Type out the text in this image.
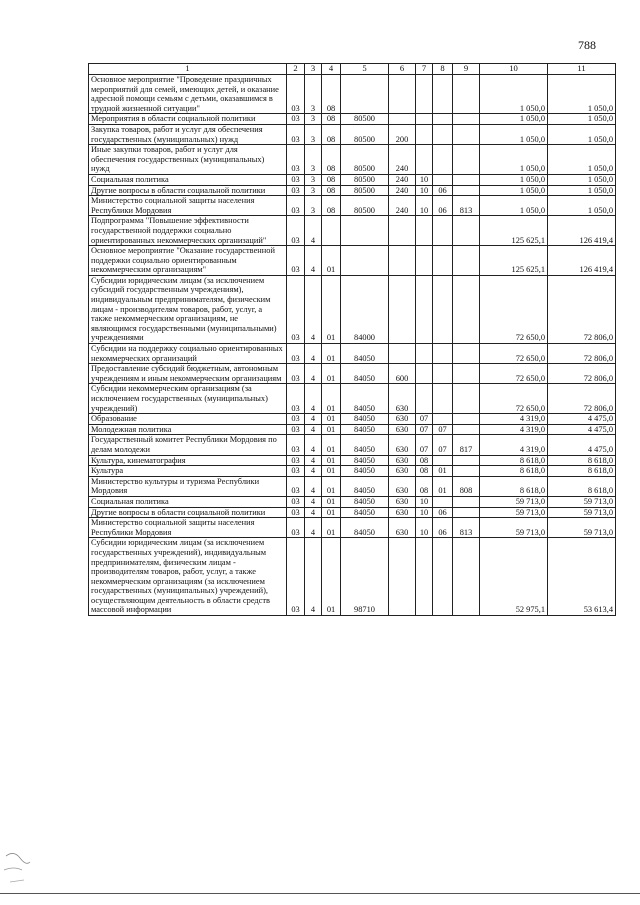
788
1	2	3	4	5	6	7	8	9	10	11
Основное мероприятие "Проведение праздничных мероприятий для семей, имеющих детей, и оказание адресной помощи семьям с детьми, оказавшимся в трудной жизненной ситуации"	03	3	08						1 050,0	1 050,0
Мероприятия в области социальной политики	03	3	08	80500					1 050,0	1 050,0
Закупка товаров, работ и услуг для обеспечения государственных (муниципальных) нужд	03	3	08	80500	200				1 050,0	1 050,0
Иные закупки товаров, работ и услуг для обеспечения государственных (муниципальных) нужд	03	3	08	80500	240				1 050,0	1 050,0
Социальная политика	03	3	08	80500	240	10			1 050,0	1 050,0
Другие вопросы в области социальной политики	03	3	08	80500	240	10	06		1 050,0	1 050,0
Министерство социальной защиты населения Республики Мордовия	03	3	08	80500	240	10	06	813	1 050,0	1 050,0
Подпрограмма "Повышение эффективности государственной поддержки социально ориентированных некоммерческих организаций"	03	4							125 625,1	126 419,4
Основное мероприятие "Оказание государственной поддержки социально ориентированным некоммерческим организациям"	03	4	01						125 625,1	126 419,4
Субсидии юридическим лицам (за исключением субсидий государственным учреждениям), индивидуальным предпринимателям, физическим лицам - производителям товаров, работ, услуг, а также некоммерческим организациям, не являющимся государственными (муниципальными) учреждениями	03	4	01	84000					72 650,0	72 806,0
Субсидии на поддержку социально ориентированных некоммерческих организаций	03	4	01	84050					72 650,0	72 806,0
Предоставление субсидий бюджетным, автономным учреждениям и иным некоммерческим организациям	03	4	01	84050	600				72 650,0	72 806,0
Субсидии некоммерческим организациям (за исключением государственных (муниципальных) учреждений)	03	4	01	84050	630				72 650,0	72 806,0
Образование	03	4	01	84050	630	07			4 319,0	4 475,0
Молодежная политика	03	4	01	84050	630	07	07		4 319,0	4 475,0
Государственный комитет Республики Мордовия по делам молодежи	03	4	01	84050	630	07	07	817	4 319,0	4 475,0
Культура, кинематография	03	4	01	84050	630	08			8 618,0	8 618,0
Культура	03	4	01	84050	630	08	01		8 618,0	8 618,0
Министерство культуры и туризма Республики Мордовия	03	4	01	84050	630	08	01	808	8 618,0	8 618,0
Социальная политика	03	4	01	84050	630	10			59 713,0	59 713,0
Другие вопросы в области социальной политики	03	4	01	84050	630	10	06		59 713,0	59 713,0
Министерство социальной защиты населения Республики Мордовия	03	4	01	84050	630	10	06	813	59 713,0	59 713,0
Субсидии юридическим лицам (за исключением государственных учреждений), индивидуальным предпринимателям, физическим лицам - производителям товаров, работ, услуг, а также некоммерческим организациям (за исключением государственных (муниципальных) учреждений), осуществляющим деятельность в области средств массовой информации	03	4	01	98710					52 975,1	53 613,4
